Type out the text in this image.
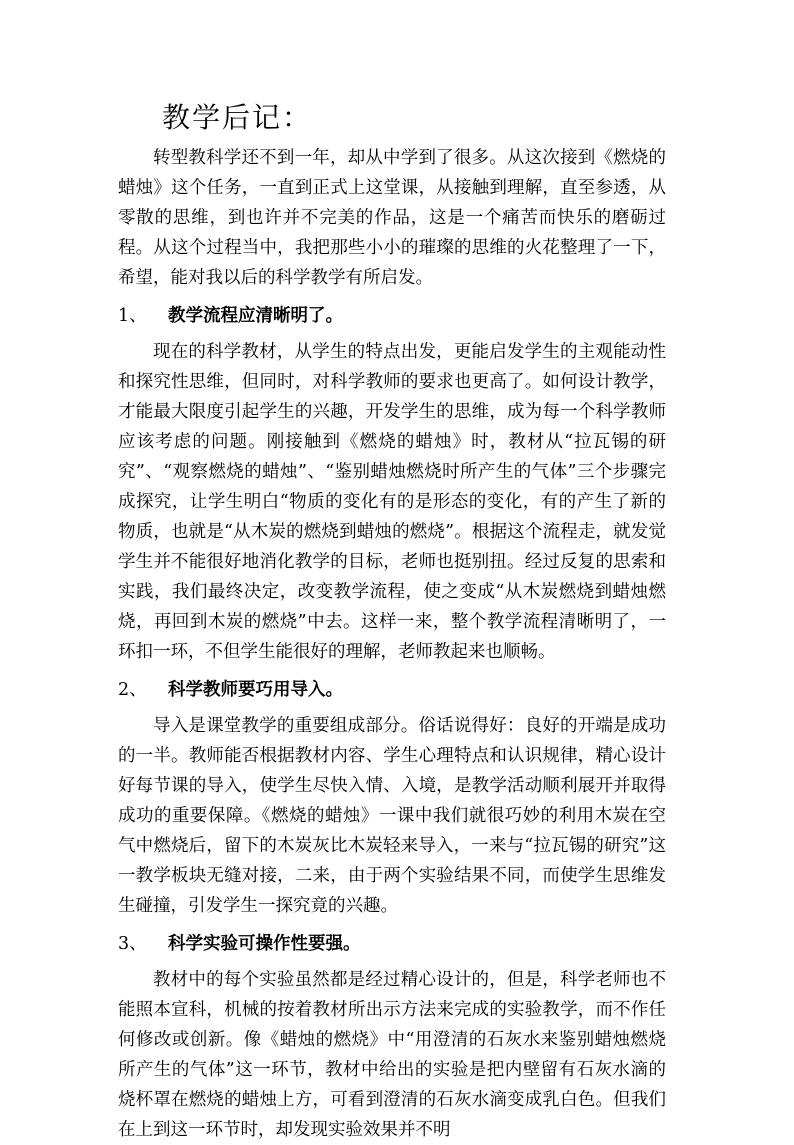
教学后记：

转型教科学还不到一年，却从中学到了很多。从这次接到《燃烧的蜡烛》这个任务，一直到正式上这堂课，从接触到理解，直至参透，从零散的思维，到也许并不完美的作品，这是一个痛苦而快乐的磨砺过程。从这个过程当中，我把那些小小的璀璨的思维的火花整理了一下，希望，能对我以后的科学教学有所启发。

1、 教学流程应清晰明了。

现在的科学教材，从学生的特点出发，更能启发学生的主观能动性和探究性思维，但同时，对科学教师的要求也更高了。如何设计教学，才能最大限度引起学生的兴趣，开发学生的思维，成为每一个科学教师应该考虑的问题。刚接触到《燃烧的蜡烛》时，教材从“拉瓦锡的研究”、“观察燃烧的蜡烛”、“鉴别蜡烛燃烧时所产生的气体”三个步骤完成探究，让学生明白“物质的变化有的是形态的变化，有的产生了新的物质，也就是“从木炭的燃烧到蜡烛的燃烧”。根据这个流程走，就发觉学生并不能很好地消化教学的目标，老师也挺别扭。经过反复的思索和实践，我们最终决定，改变教学流程，使之变成“从木炭燃烧到蜡烛燃烧，再回到木炭的燃烧”中去。这样一来，整个教学流程清晰明了，一环扣一环，不但学生能很好的理解，老师教起来也顺畅。

2、 科学教师要巧用导入。

导入是课堂教学的重要组成部分。俗话说得好：良好的开端是成功的一半。教师能否根据教材内容、学生心理特点和认识规律，精心设计好每节课的导入，使学生尽快入情、入境，是教学活动顺利展开并取得成功的重要保障。《燃烧的蜡烛》一课中我们就很巧妙的利用木炭在空气中燃烧后，留下的木炭灰比木炭轻来导入，一来与“拉瓦锡的研究”这一教学板块无缝对接，二来，由于两个实验结果不同，而使学生思维发生碰撞，引发学生一探究竟的兴趣。

3、 科学实验可操作性要强。

教材中的每个实验虽然都是经过精心设计的，但是，科学老师也不能照本宣科，机械的按着教材所出示方法来完成的实验教学，而不作任何修改或创新。像《蜡烛的燃烧》中“用澄清的石灰水来鉴别蜡烛燃烧所产生的气体”这一环节，教材中给出的实验是把内壁留有石灰水滴的烧杯罩在燃烧的蜡烛上方，可看到澄清的石灰水滴变成乳白色。但我们在上到这一环节时，却发现实验效果并不明
